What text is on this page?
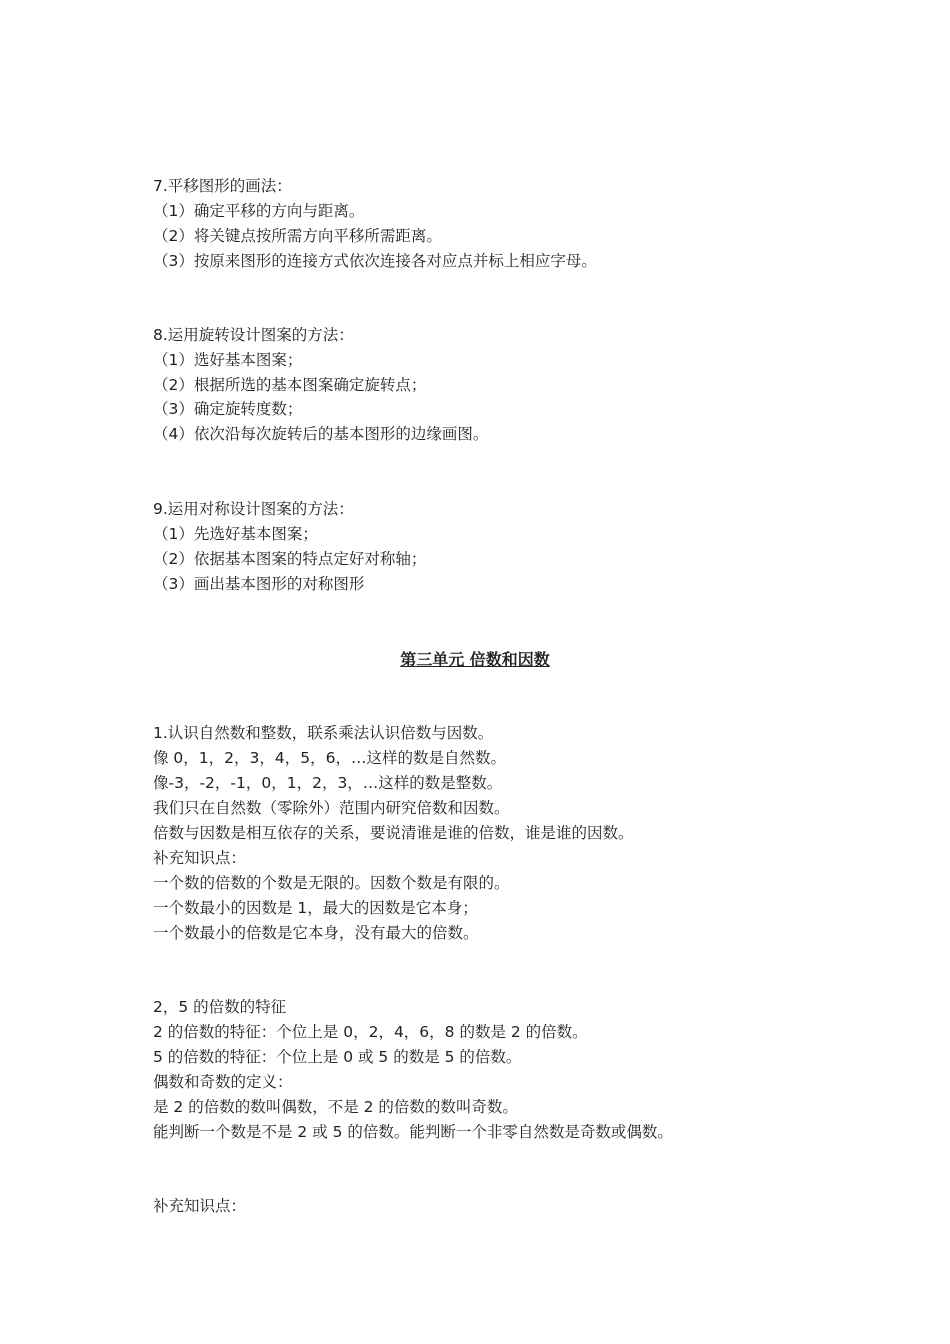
7.平移图形的画法：

（1）确定平移的方向与距离。

（2）将关键点按所需方向平移所需距离。

（3）按原来图形的连接方式依次连接各对应点并标上相应字母。

8.运用旋转设计图案的方法：

（1）选好基本图案；

（2）根据所选的基本图案确定旋转点；

（3）确定旋转度数；

（4）依次沿每次旋转后的基本图形的边缘画图。

9.运用对称设计图案的方法：

（1）先选好基本图案；

（2）依据基本图案的特点定好对称轴；

（3）画出基本图形的对称图形

第三单元 倍数和因数

1.认识自然数和整数，联系乘法认识倍数与因数。

像 0，1，2，3，4，5，6，…这样的数是自然数。

像-3，-2，-1，0，1，2，3，…这样的数是整数。

我们只在自然数（零除外）范围内研究倍数和因数。

倍数与因数是相互依存的关系，要说清谁是谁的倍数，谁是谁的因数。

补充知识点：

一个数的倍数的个数是无限的。因数个数是有限的。

一个数最小的因数是 1，最大的因数是它本身；

一个数最小的倍数是它本身，没有最大的倍数。

2，5 的倍数的特征

2 的倍数的特征：个位上是 0，2，4，6，8 的数是 2 的倍数。

5 的倍数的特征：个位上是 0 或 5 的数是 5 的倍数。

偶数和奇数的定义：

是 2 的倍数的数叫偶数，不是 2 的倍数的数叫奇数。

能判断一个数是不是 2 或 5 的倍数。能判断一个非零自然数是奇数或偶数。

补充知识点：
